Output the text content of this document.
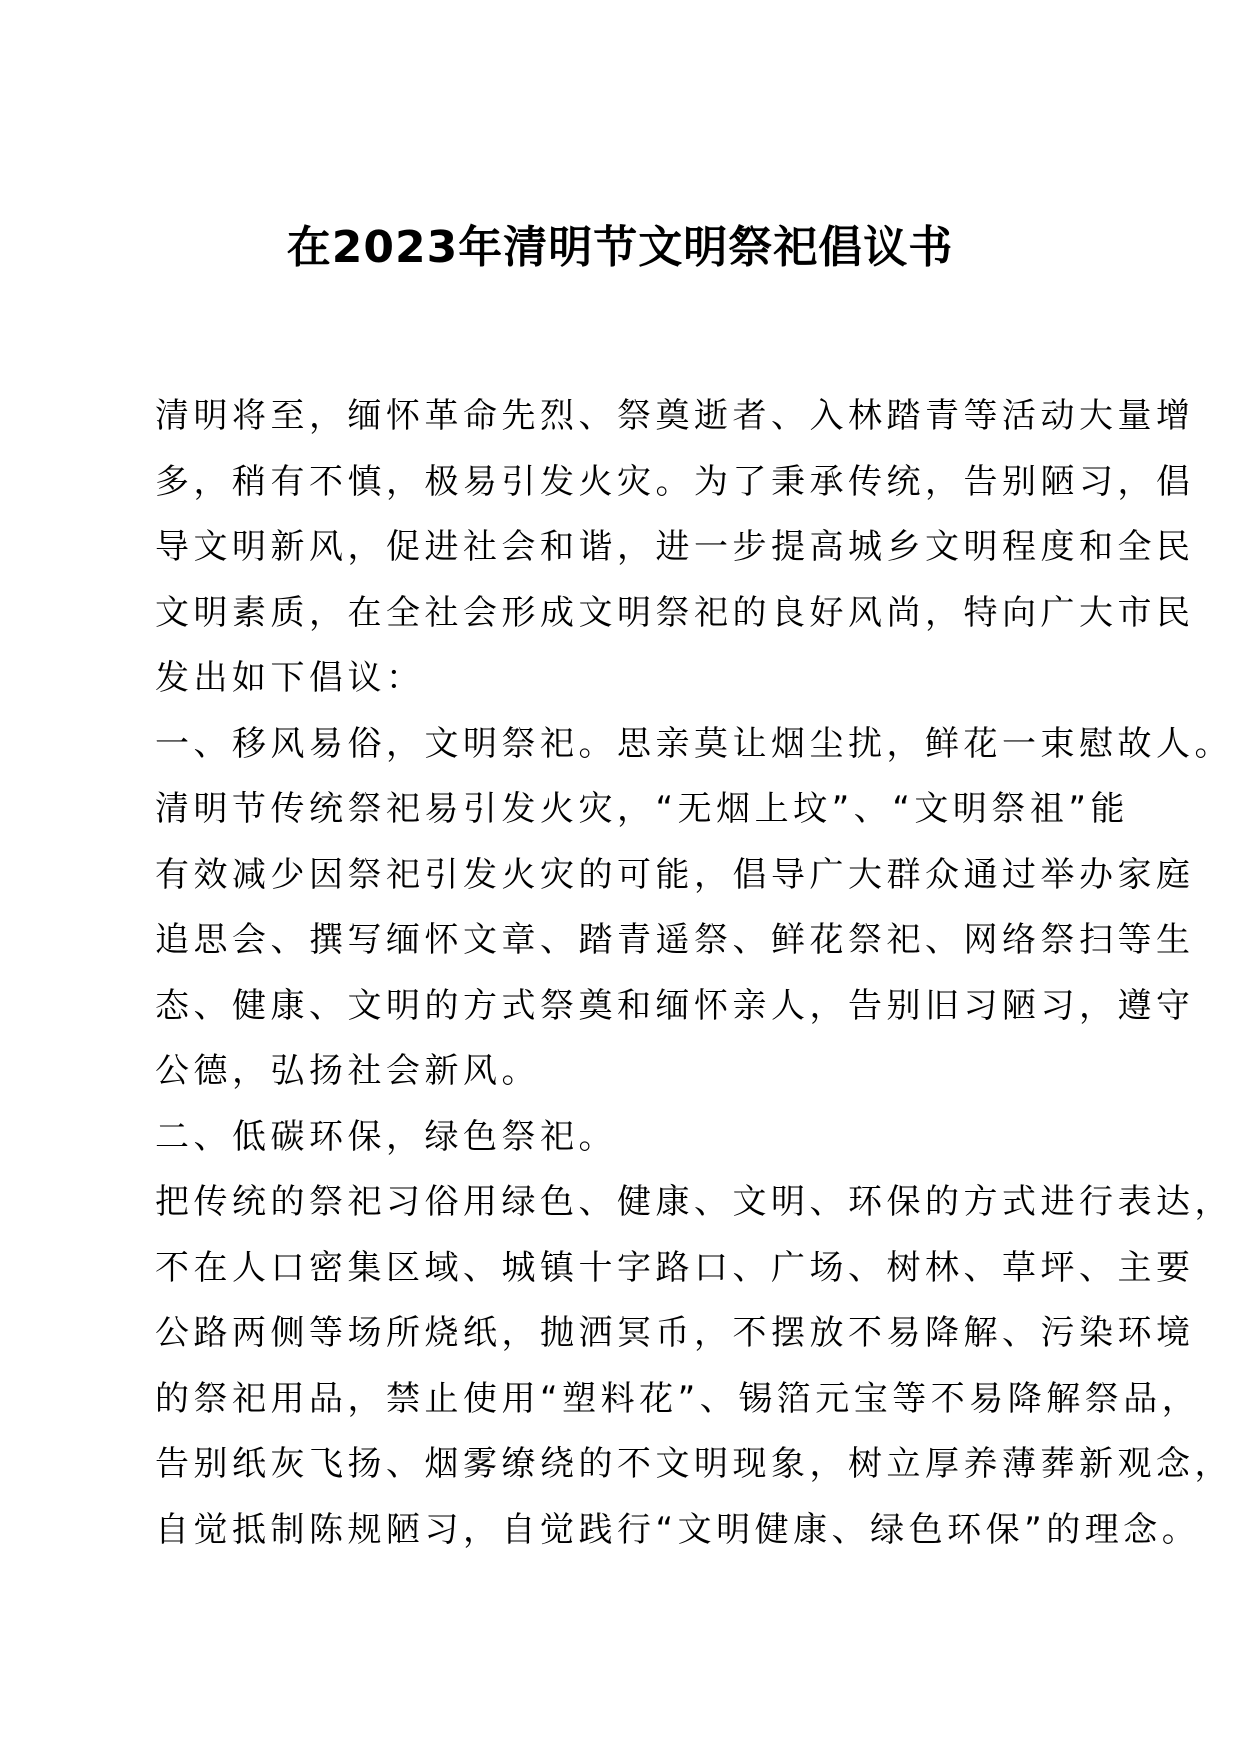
在2023年清明节文明祭祀倡议书

清明将至，缅怀革命先烈、祭奠逝者、入林踏青等活动大量增

多，稍有不慎，极易引发火灾。为了秉承传统，告别陋习，倡

导文明新风，促进社会和谐，进一步提高城乡文明程度和全民

文明素质，在全社会形成文明祭祀的良好风尚，特向广大市民

发出如下倡议：

一、移风易俗，文明祭祀。思亲莫让烟尘扰，鲜花一束慰故人。

清明节传统祭祀易引发火灾，“无烟上坟”、“文明祭祖”能

有效减少因祭祀引发火灾的可能，倡导广大群众通过举办家庭

追思会、撰写缅怀文章、踏青遥祭、鲜花祭祀、网络祭扫等生

态、健康、文明的方式祭奠和缅怀亲人，告别旧习陋习，遵守

公德，弘扬社会新风。

二、低碳环保，绿色祭祀。

把传统的祭祀习俗用绿色、健康、文明、环保的方式进行表达，

不在人口密集区域、城镇十字路口、广场、树林、草坪、主要

公路两侧等场所烧纸，抛洒冥币，不摆放不易降解、污染环境

的祭祀用品，禁止使用“塑料花”、锡箔元宝等不易降解祭品，

告别纸灰飞扬、烟雾缭绕的不文明现象，树立厚养薄葬新观念，

自觉抵制陈规陋习，自觉践行“文明健康、绿色环保”的理念。
